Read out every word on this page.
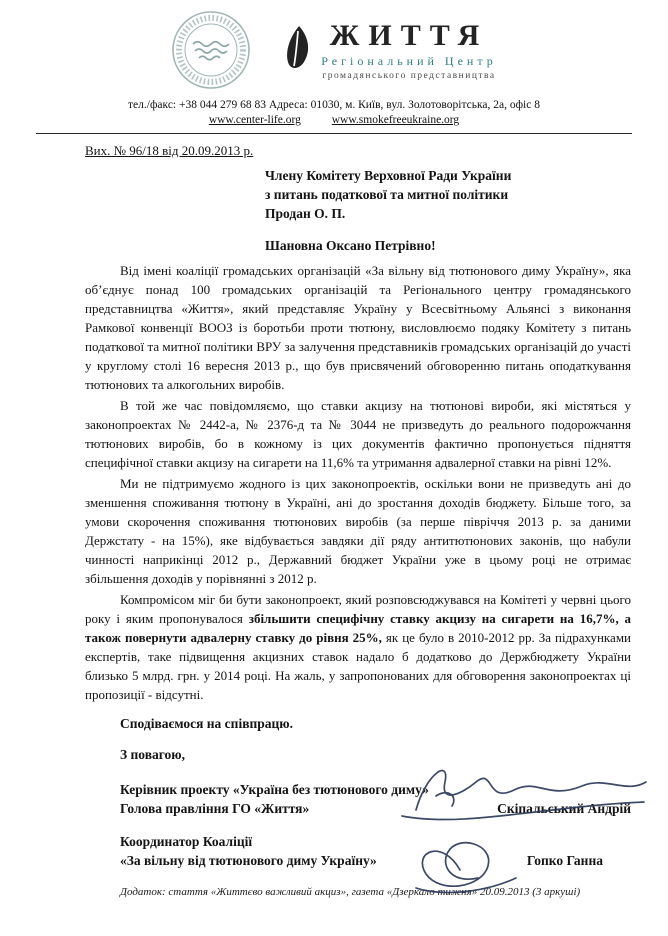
ЖИТТЯ
Регіональний Центр
громадянського представництва
тел./факс: +38 044 279 68 83 Адреса: 01030, м. Київ, вул. Золотоворітська, 2а, офіс 8
www.center-life.org	www.smokefreeukraine.org
Вих. № 96/18 від 20.09.2013 р.
Члену Комітету Верховної Ради України
з питань податкової та митної політики
Продан О. П.
Шановна Оксано Петрівно!

Від імені коаліції громадських організацій «За вільну від тютюнового диму Україну», яка об’єднує понад 100 громадських організацій та Регіонального центру громадянського представництва «Життя», який представляє Україну у Всесвітньому Альянсі з виконання Рамкової конвенції ВООЗ із боротьби проти тютюну, висловлюємо подяку Комітету з питань податкової та митної політики ВРУ за залучення представників громадських організацій до участі у круглому столі 16 вересня 2013 р., що був присвячений обговоренню питань оподаткування тютюнових та алкогольних виробів.

В той же час повідомляємо, що ставки акцизу на тютюнові вироби, які містяться у законопроектах № 2442-а, № 2376-д та № 3044 не призведуть до реального подорожчання тютюнових виробів, бо в кожному із цих документів фактично пропонується підняття специфічної ставки акцизу на сигарети на 11,6% та утримання адвалерної ставки на рівні 12%.

Ми не підтримуємо жодного із цих законопроектів, оскільки вони не призведуть ані до зменшення споживання тютюну в Україні, ані до зростання доходів бюджету. Більше того, за умови скорочення споживання тютюнових виробів (за перше півріччя 2013 р. за даними Держстату - на 15%), яке відбувається завдяки дії ряду антитютюнових законів, що набули чинності наприкінці 2012 р., Державний бюджет України уже в цьому році не отримає збільшення доходів у порівнянні з 2012 р.

Компромісом міг би бути законопроект, який розповсюджувався на Комітеті у червні цього року і яким пропонувалося збільшити специфічну ставку акцизу на сигарети на 16,7%, а також повернути адвалерну ставку до рівня 25%, як це було в 2010-2012 рр. За підрахунками експертів, таке підвищення акцизних ставок надало б додатково до Держбюджету України близько 5 млрд. грн. у 2014 році. На жаль, у запропонованих для обговорення законопроектах ці пропозиції - відсутні.

Сподіваємося на співпрацю.
З повагою,
Керівник проекту «Україна без тютюнового диму»
Голова правління ГО «Життя»	Скіпальський Андрій
Координатор Коаліції
«За вільну від тютюнового диму Україну»	Гопко Ганна
Додаток: стаття «Життєво важливий акциз», газета «Дзеркало тижня» 20.09.2013 (3 аркуші)
